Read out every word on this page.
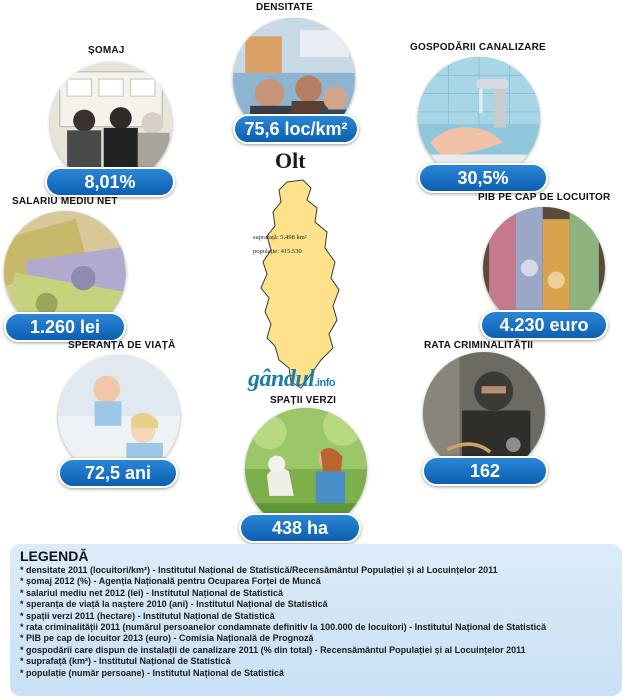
DENSITATE
75,6 loc/km²
ȘOMAJ
8,01%
GOSPODĂRII CANALIZARE
30,5%
SALARIU MEDIU NET
1.260 lei
PIB PE CAP DE LOCUITOR
4.230 euro
SPERANȚA DE VIAȚĂ
72,5 ani
RATA CRIMINALITĂȚII
162
SPAȚII VERZI
438 ha
Olt
suprafață: 5.498 km²
populație: 415.530
gândul.info
LEGENDĂ
* densitate 2011 (locuitori/km²) - Institutul Național de Statistică/Recensământul Populației și al Locuințelor 2011
* șomaj 2012 (%) - Agenția Națională pentru Ocuparea Forței de Muncă
* salariul mediu net 2012 (lei) - Institutul Național de Statistică
* speranța de viață la naștere 2010 (ani) - Institutul Național de Statistică
* spații verzi 2011 (hectare) - Institutul Național de Statistică
* rata criminalității 2011 (numărul persoanelor condamnate definitiv la 100.000 de locuitori) - Institutul Național de Statistică
* PIB pe cap de locuitor 2013 (euro) - Comisia Națională de Prognoză
* gospodării care dispun de instalații de canalizare 2011 (% din total) - Recensământul Populației și al Locuințelor 2011
* suprafață (km²) - Institutul Național de Statistică
* populație (număr persoane) - Institutul Național de Statistică
